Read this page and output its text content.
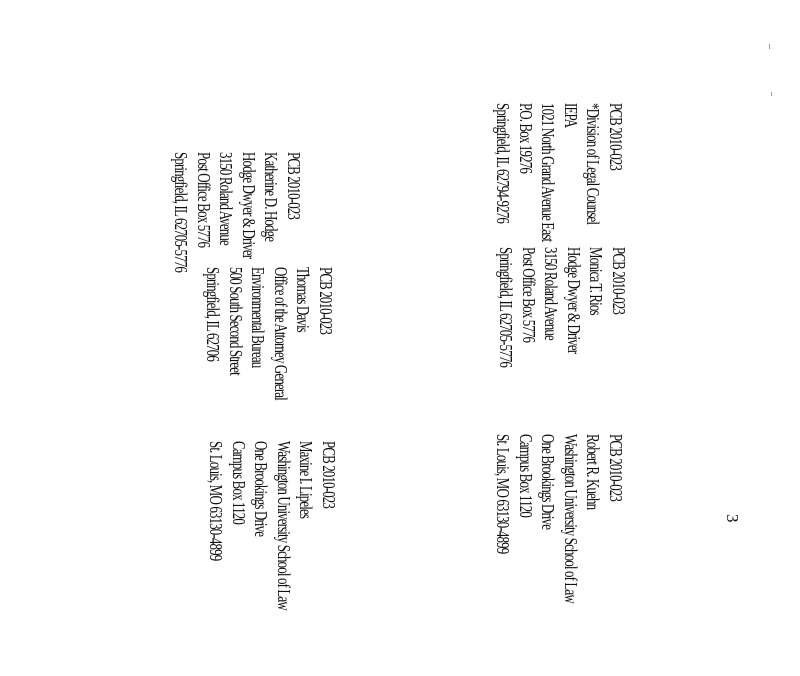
PCB 2010-023
*Division of Legal Counsel
IEPA
1021 North Grand Avenue East
P.O. Box 19276
Springfield, IL 62794-9276
PCB 2010-023
Katherine D. Hodge
Hodge Dwyer & Driver
3150 Roland Avenue
Post Office Box 5776
Springfield, IL 62705-5776
PCB 2010-023
Monica T. Rios
Hodge Dwyer & Driver
3150 Roland Avenue
Post Office Box 5776
Springfield, IL 62705-5776
PCB 2010-023
Thomas Davis
Office of the Attorney General
Environmental Bureau
500 South Second Street
Springfield, IL 62706
PCB 2010-023
Robert R. Kuehn
Washington University School of Law
One Brookings Drive
Campus Box 1120
St. Louis, MO 63130-4899
PCB 2010-023
Maxine I. Lipeles
Washington University School of Law
One Brookings Drive
Campus Box 1120
St. Louis, MO 63130-4899	3
